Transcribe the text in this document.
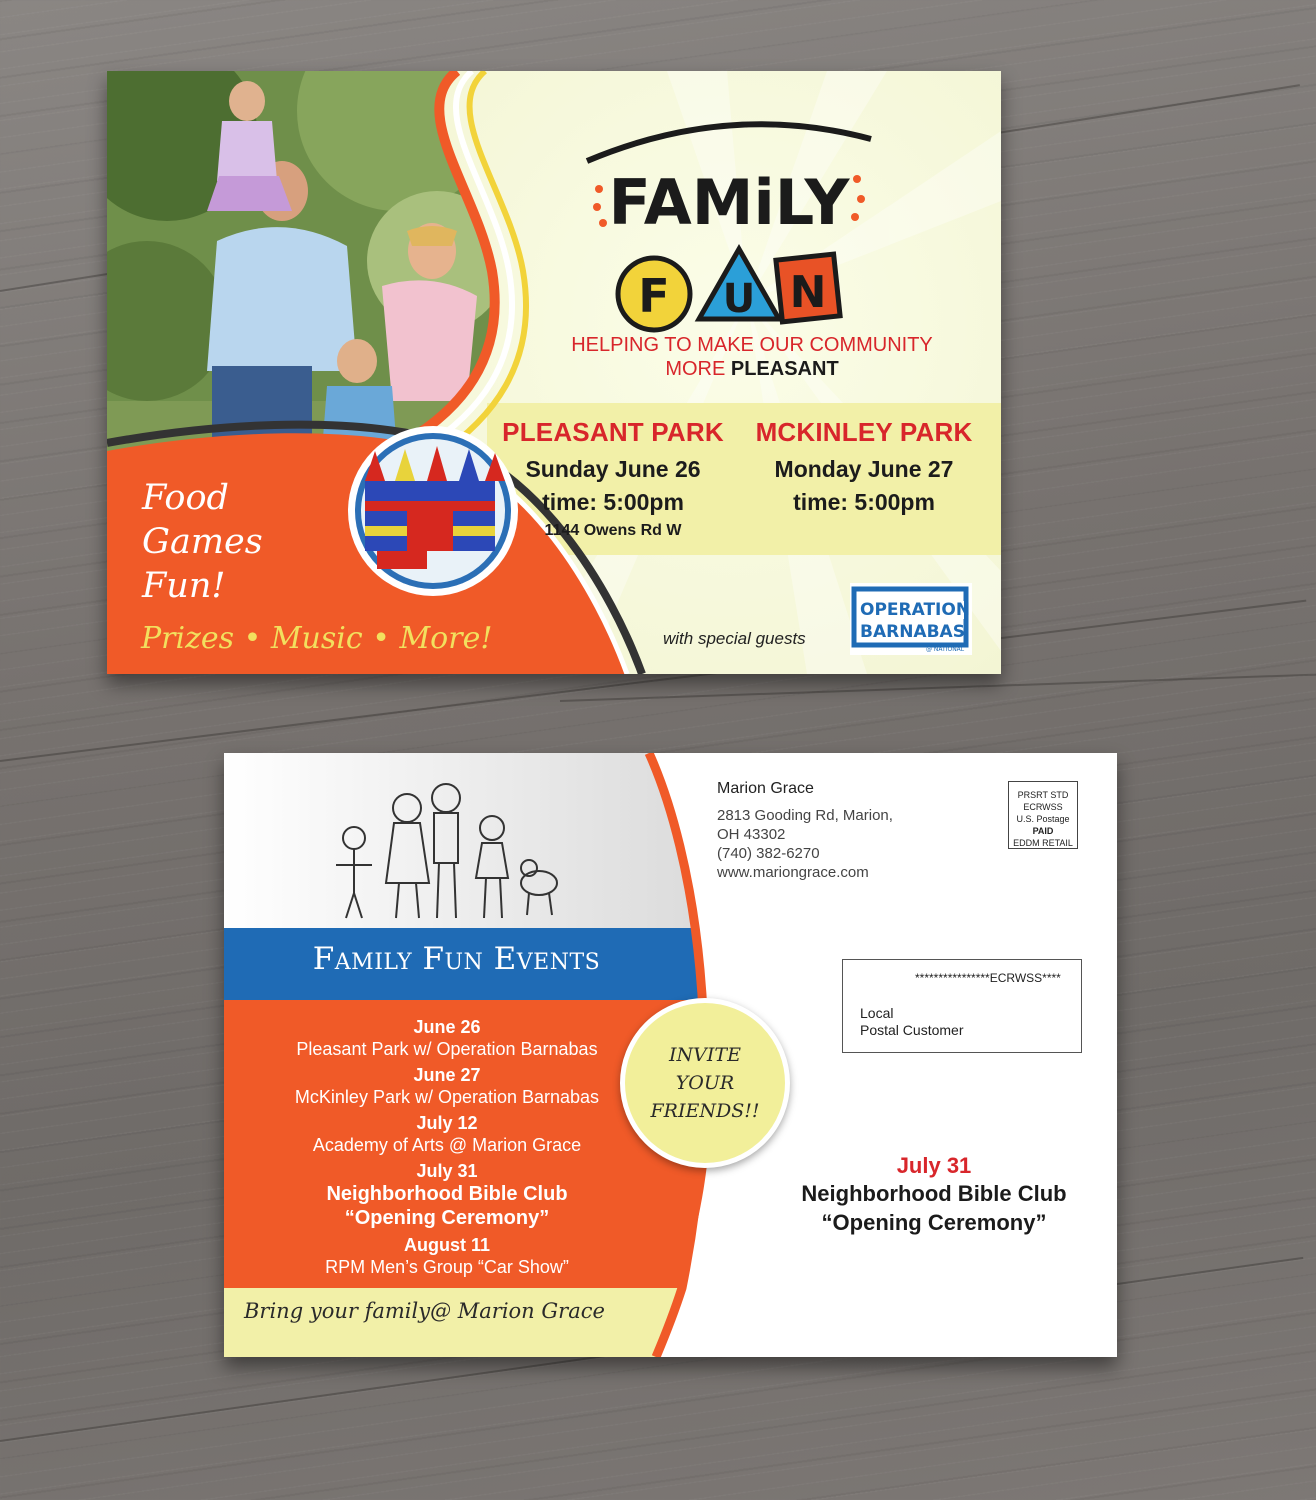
FAMiLY
F U N
HELPING TO MAKE OUR COMMUNITY
MORE PLEASANT
PLEASANT PARK
Sunday June 26
time: 5:00pm
1144 Owens Rd W
MCKINLEY PARK
Monday June 27
time: 5:00pm
Food
Games
Fun!
Prizes • Music • More!	with special guests
OPERATION
BARNABAS
@ NATIONAL
Family Fun Events
June 26
Pleasant Park w/ Operation Barnabas
June 27
McKinley Park w/ Operation Barnabas
July 12
Academy of Arts @ Marion Grace
July 31
Neighborhood Bible Club
“Opening Ceremony”
August 11
RPM Men’s Group “Car Show”
INVITE
YOUR
FRIENDS!!
Bring your family@ Marion Grace
Marion Grace
2813 Gooding Rd, Marion,
OH 43302
(740) 382-6270
www.mariongrace.com
PRSRT STD
ECRWSS
U.S. Postage
PAID
EDDM RETAIL
****************ECRWSS****
Local
Postal Customer
July 31
Neighborhood Bible Club
“Opening Ceremony”
